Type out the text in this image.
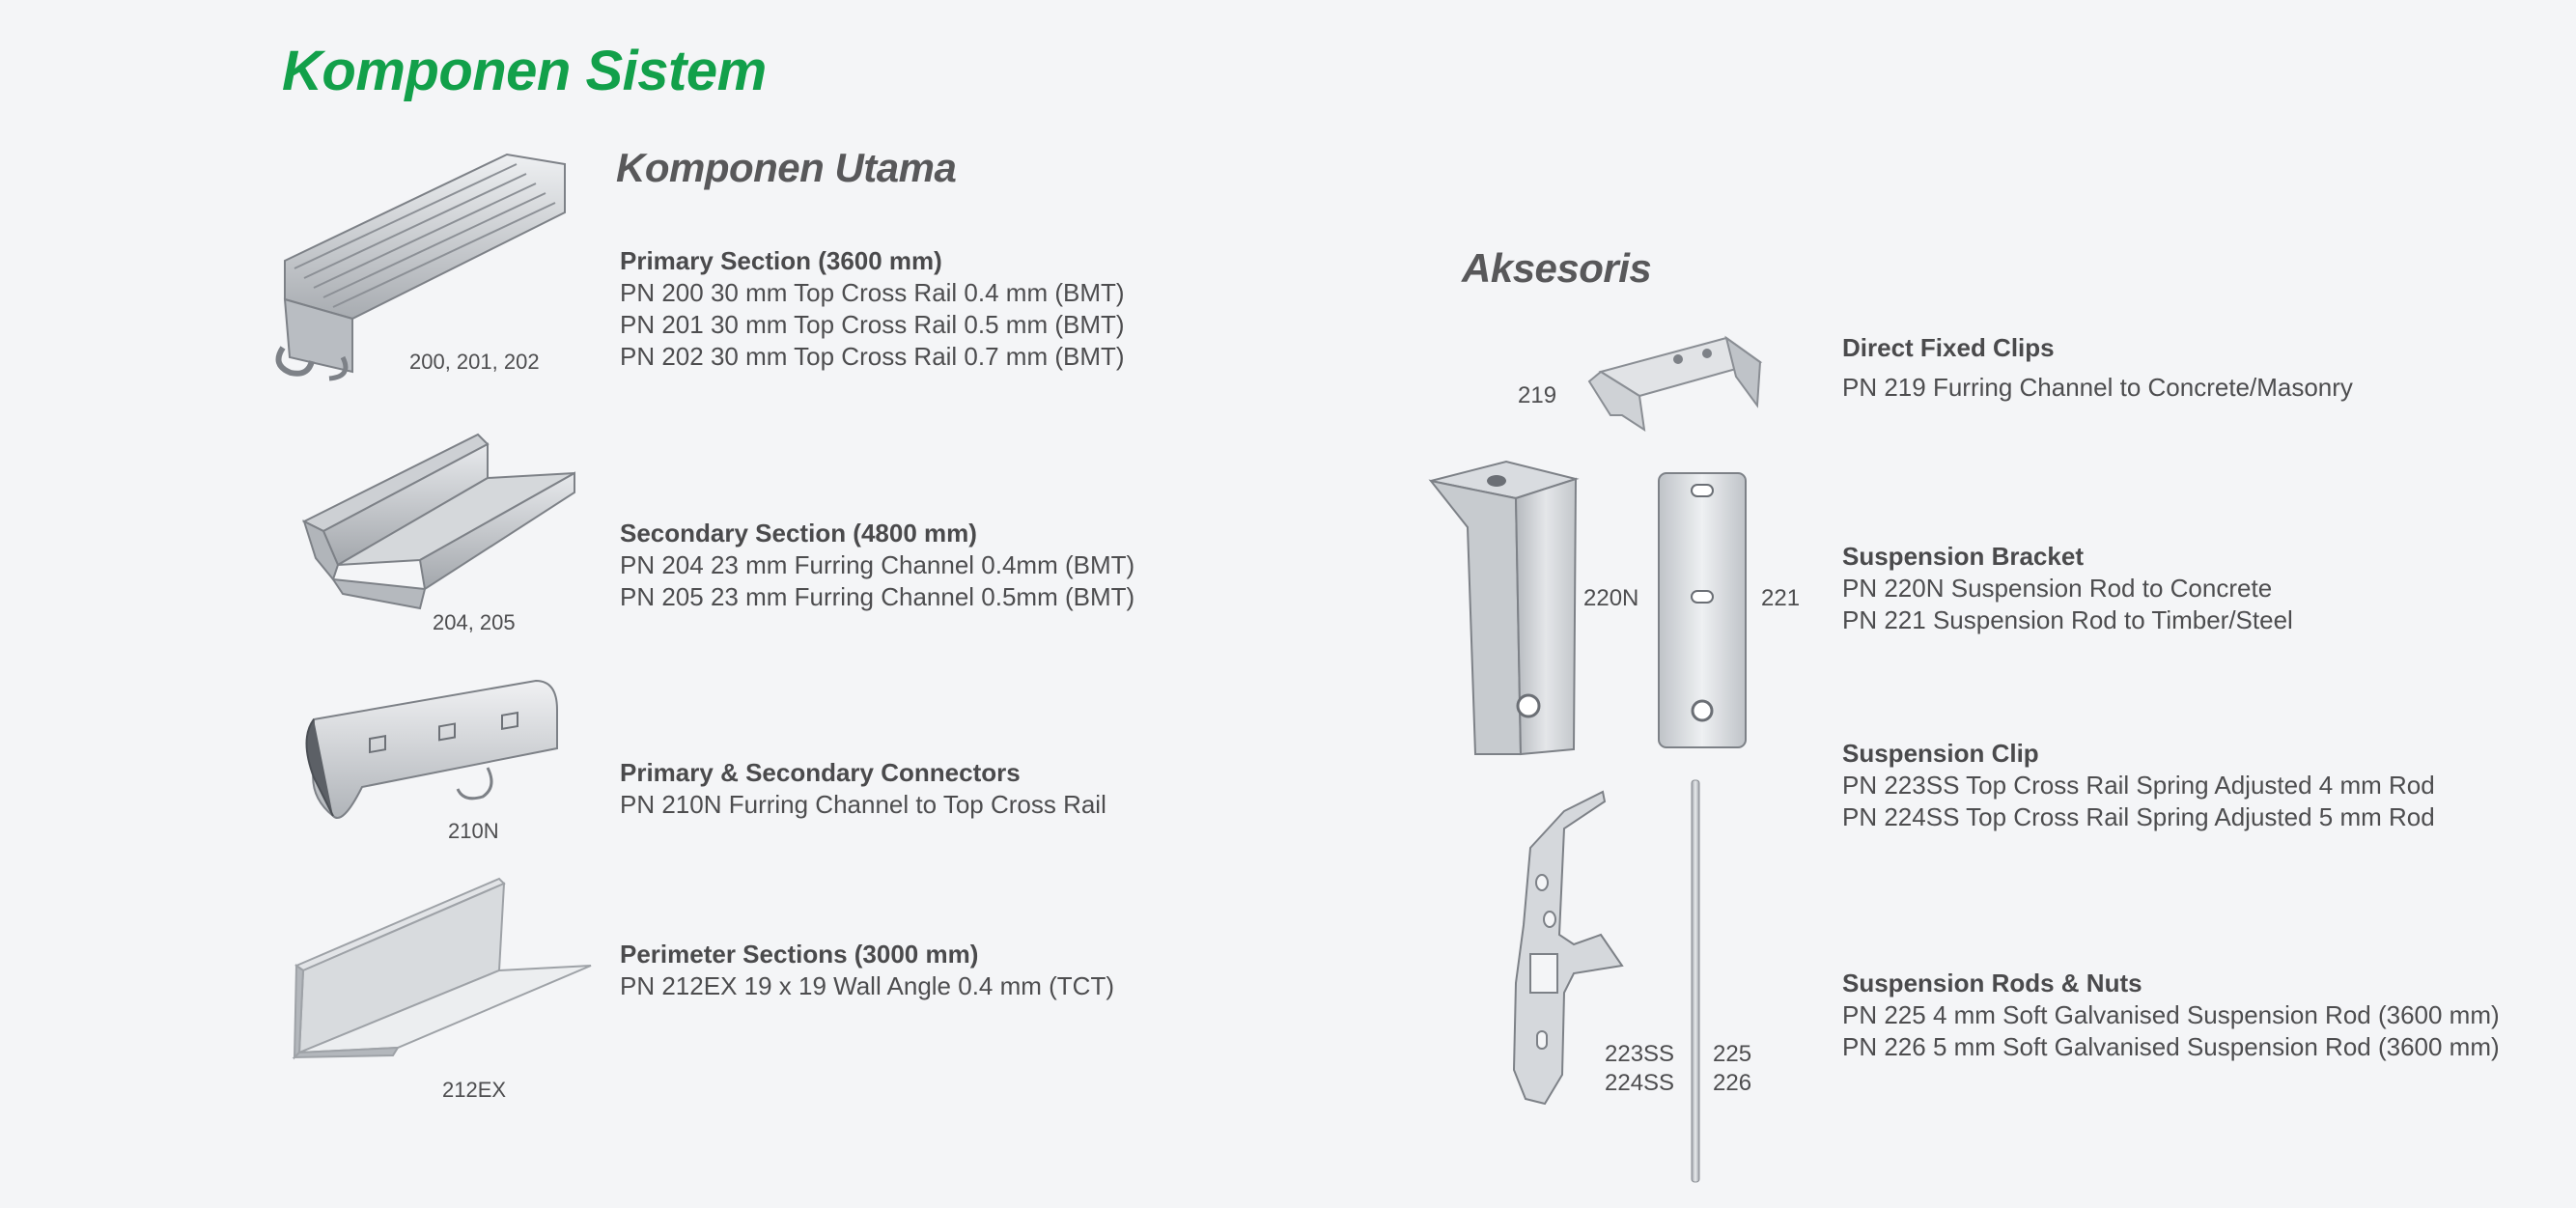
Komponen Sistem
Komponen Utama
200, 201, 202
Primary Section (3600 mm)
PN 200 30 mm Top Cross Rail 0.4 mm (BMT)
PN 201 30 mm Top Cross Rail 0.5 mm (BMT)
PN 202 30 mm Top Cross Rail 0.7 mm (BMT)
204, 205
Secondary Section (4800 mm)
PN 204 23 mm Furring Channel 0.4mm (BMT)
PN 205 23 mm Furring Channel 0.5mm (BMT)
210N
Primary & Secondary Connectors
PN 210N Furring Channel to Top Cross Rail
212EX
Perimeter Sections (3000 mm)
PN 212EX 19 x 19 Wall Angle 0.4 mm (TCT)
Aksesoris
219
Direct Fixed Clips
PN 219 Furring Channel to Concrete/Masonry
220N	221
Suspension Bracket
PN 220N Suspension Rod to Concrete
PN 221 Suspension Rod to Timber/Steel
223SS
224SS
225
226
Suspension Clip
PN 223SS Top Cross Rail Spring Adjusted 4 mm Rod
PN 224SS Top Cross Rail Spring Adjusted 5 mm Rod
Suspension Rods & Nuts
PN 225 4 mm Soft Galvanised Suspension Rod (3600 mm)
PN 226 5 mm Soft Galvanised Suspension Rod (3600 mm)
